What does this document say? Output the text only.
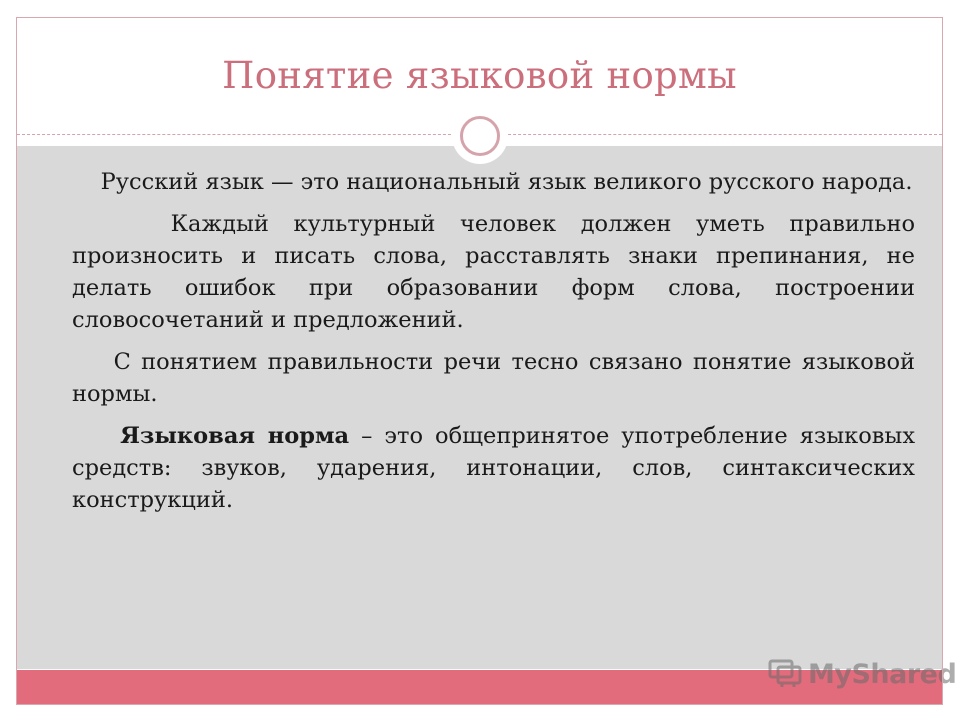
Понятие языковой нормы

Русский язык — это национальный язык великого русского народа.

Каждый культурный человек должен уметь правильно произносить и писать слова, расставлять знаки препинания, не делать ошибок при образовании форм слова, построении словосочетаний и предложений.

С понятием правильности речи тесно связано понятие языковой нормы.

Языковая норма – это общепринятое употребление языковых средств: звуков, ударения, интонации, слов, синтаксических конструкций.

MyShared
